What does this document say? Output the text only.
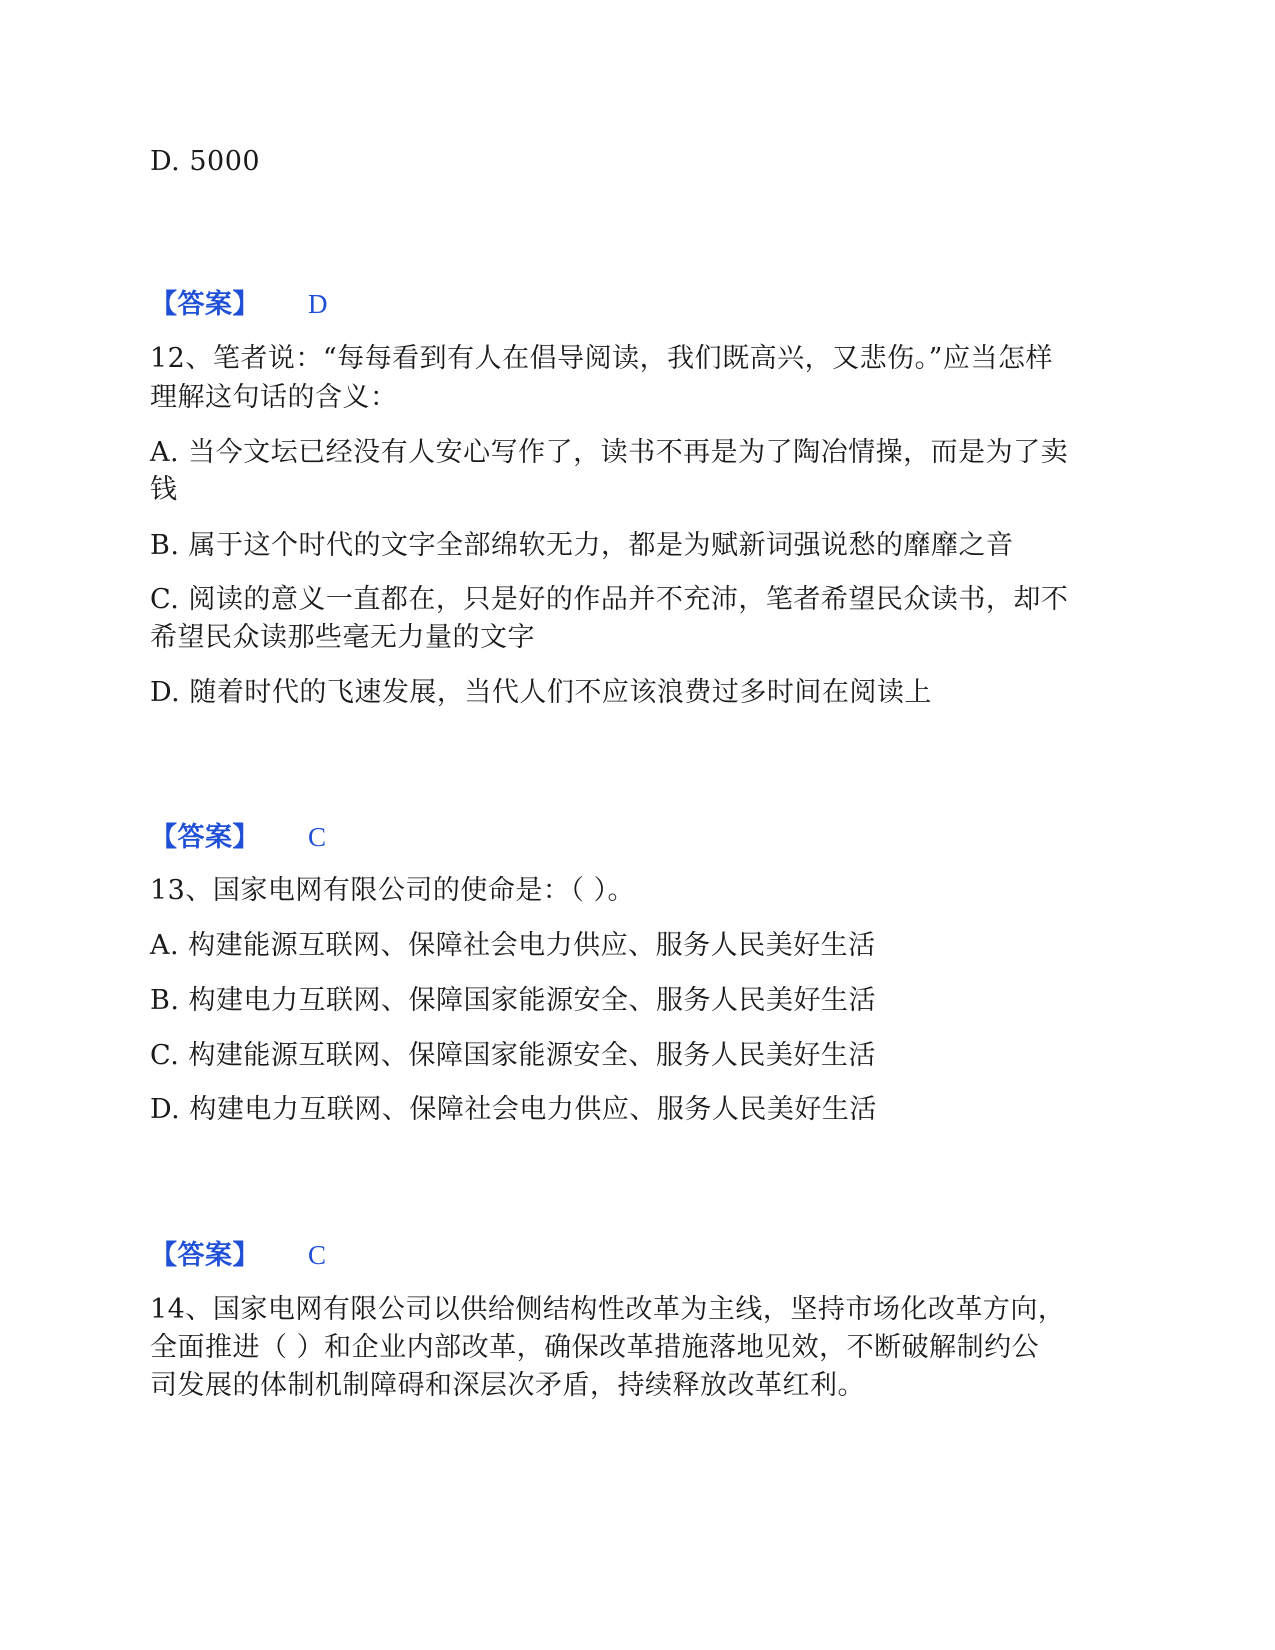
D. 5000
【答案】 D
12、笔者说：“每每看到有人在倡导阅读，我们既高兴，又悲伤。”应当怎样
理解这句话的含义：
A. 当今文坛已经没有人安心写作了，读书不再是为了陶冶情操，而是为了卖
钱
B. 属于这个时代的文字全部绵软无力，都是为赋新词强说愁的靡靡之音
C. 阅读的意义一直都在，只是好的作品并不充沛，笔者希望民众读书，却不
希望民众读那些毫无力量的文字
D. 随着时代的飞速发展，当代人们不应该浪费过多时间在阅读上
【答案】 C
13、国家电网有限公司的使命是：（ ）。
A. 构建能源互联网、保障社会电力供应、服务人民美好生活
B. 构建电力互联网、保障国家能源安全、服务人民美好生活
C. 构建能源互联网、保障国家能源安全、服务人民美好生活
D. 构建电力互联网、保障社会电力供应、服务人民美好生活
【答案】 C
14、国家电网有限公司以供给侧结构性改革为主线，坚持市场化改革方向，
全面推进（ ）和企业内部改革，确保改革措施落地见效，不断破解制约公
司发展的体制机制障碍和深层次矛盾，持续释放改革红利。
